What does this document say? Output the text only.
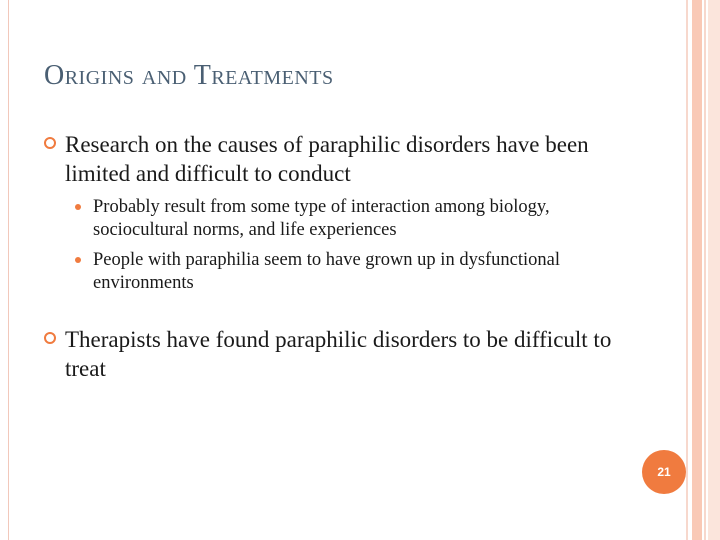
Origins and Treatments

Research on the causes of paraphilic disorders have been limited and difficult to conduct

Probably result from some type of interaction among biology, sociocultural norms, and life experiences

People with paraphilia seem to have grown up in dysfunctional environments

Therapists have found paraphilic disorders to be difficult to treat

21
